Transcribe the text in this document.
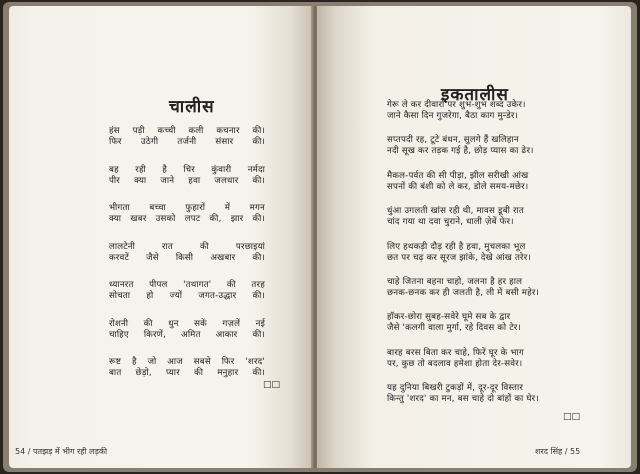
चालीस
हंस पड़ी कच्ची कली कचनार की।
फिर उठेगी तर्जनी संसार की।
बह रही है चिर कुंवारी नर्मदा
पीर क्या जाने हवा जलधार की।
भीगता बच्चा फुहारों में मगन
क्या खबर उसको लपट की, झार की।
लालटेनी रात की परछाइयां
करवटें जैसे किसी अखबार की।
ध्यानरत पीपल 'तथागत' की तरह
सोचता हो ज्यों जगत-उद्धार की।
रोशनी की धुन सकें गज़लें नई
चाहिए किरणें, अमित आकार की।
रूष्ट है जो आज सबसे फिर 'शरद'
बात छेड़ो, प्यार की मनुहार की।
□□
54 / पतझड़ में भीग रही लड़की
इकतालीस
गेरू ले कर दीवारों पर शुभ-शुभ शब्द उकेर।
जाने कैसा दिन गुजरेगा, बैठा काग मुन्डेर।
सप्तपदी रह, टूटे बंधन, सुलगे हैं खलिहान
नदी सूख कर तड़क गई है, छोड़ प्यास का ढेर।
मैकल-पर्वत की सी पीड़ा, झील सरीखी आंख
सपनों की बंशी को ले कर, डोले समय-मछेर।
धुंआ उगलती खांस रही थी, मावस डूबी रात
चांद गया था दवा चुराने, धाली ज़ेबें फेर।
लिए हथकड़ी दौड़ रही है हवा, मुचलका भूल
छत पर चढ़ कर सूरज झांके, देखे आंख तरेर।
चाहे जितना बहना चाहो, जलना है हर हाल
छनक-छनक कर ही जलती है, ली में बसी महेर।
हॉकर-छोरा सुबह-सवेरे घूमे सब के द्वार
जैसे 'कलगी वाला मुर्गा, रहे दिवस को टेर।
बारह बरस बिता कर चाहे, फिरें घूर के भाग
पर, कुछ तो बदलाव हमेशा होता देर-सवेर।
यह दुनिया बिखरी टुकड़ों में, दूर-दूर विस्तार
किन्तु 'शरद' का मन, बस चाहे दो बांहों का घेर।
□□
शरद सिंह / 55
